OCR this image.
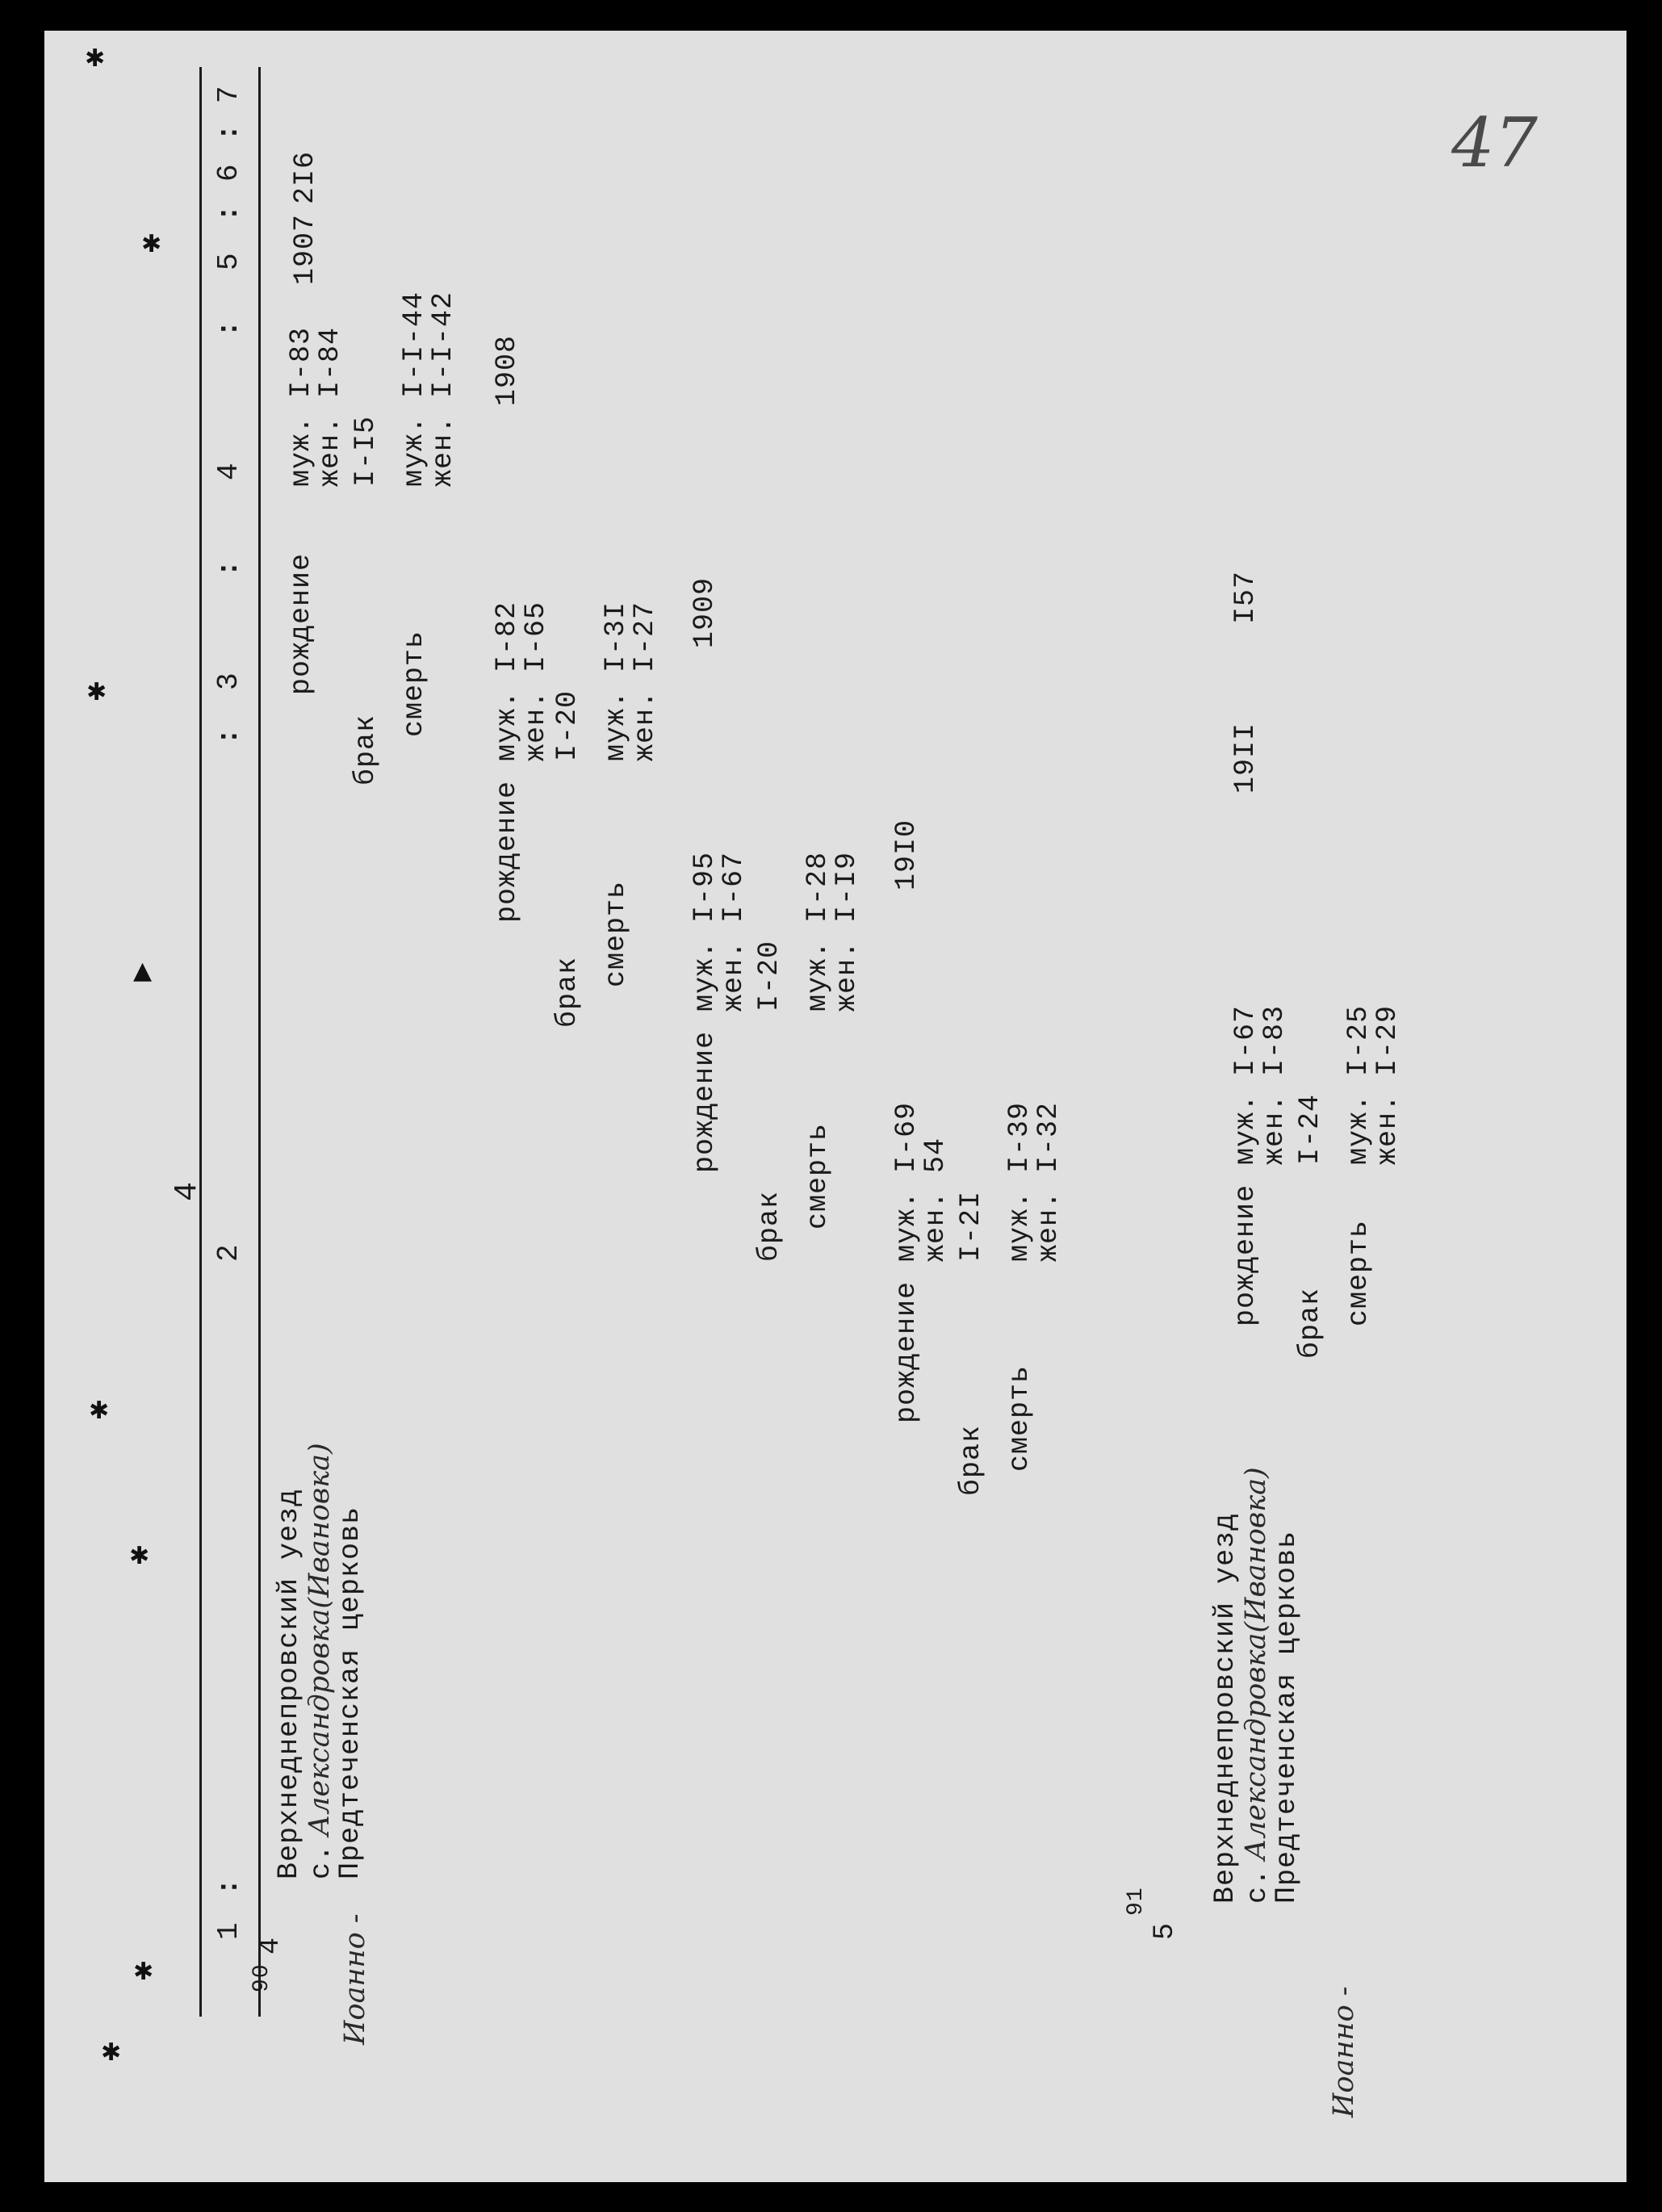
✱
✱
✱
▲
✱
✱
✱
✱
47
4
1
:
2
:
3
:
4
:
5
:
6
:
7
90
4 Иоанно -
Верхнеднепровский уезд с. Александровка(Ивановка)
Предтеченская церковь
рождение
муж. I-83
жен. I-84
1907
2I6
брак
I-I5
смерть
муж. I-I-44
жен. I-I-42
рождение
муж. I-82
жен. I-65
1908
брак
I-20
смерть
муж. I-3I
жен. I-27
рождение
муж. I-95
жен. I-67
1909
брак
I-20
смерть
муж. I-28
жен. I-I9
рождение
муж. I-69
жен. 54
19I0
брак
I-2I
смерть
муж. I-39
жен. I-32
91
5
Иоанно -
Верхнеднепровский уезд с. Александровка(Ивановка)
Предтеченская церковь
рождение
муж. I-67
жен. I-83
19II
I57
брак
I-24
смерть
муж. I-25
жен. I-29
